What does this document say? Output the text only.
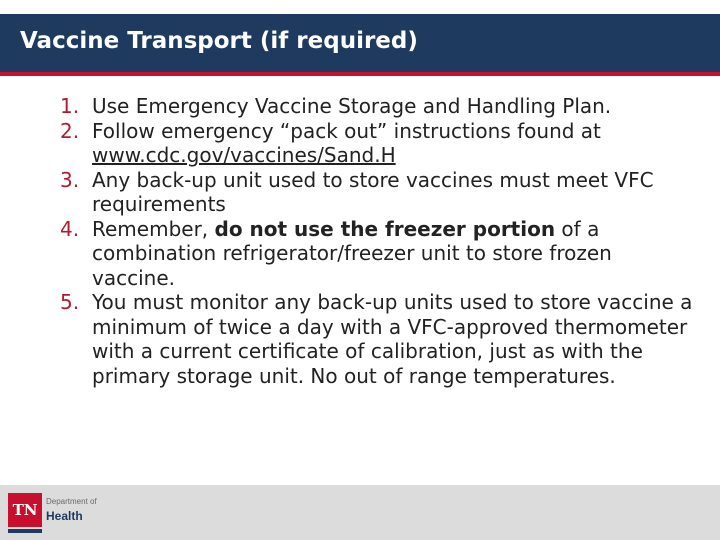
Vaccine Transport (if required)
1. Use Emergency Vaccine Storage and Handling Plan.
2. Follow emergency “pack out” instructions found at www.cdc.gov/vaccines/Sand.H
3. Any back-up unit used to store vaccines must meet VFC requirements
4. Remember, do not use the freezer portion of a combination refrigerator/freezer unit to store frozen vaccine.
5. You must monitor any back-up units used to store vaccine a minimum of twice a day with a VFC-approved thermometer with a current certificate of calibration, just as with the primary storage unit. No out of range temperatures.
TN	Department of
Health
